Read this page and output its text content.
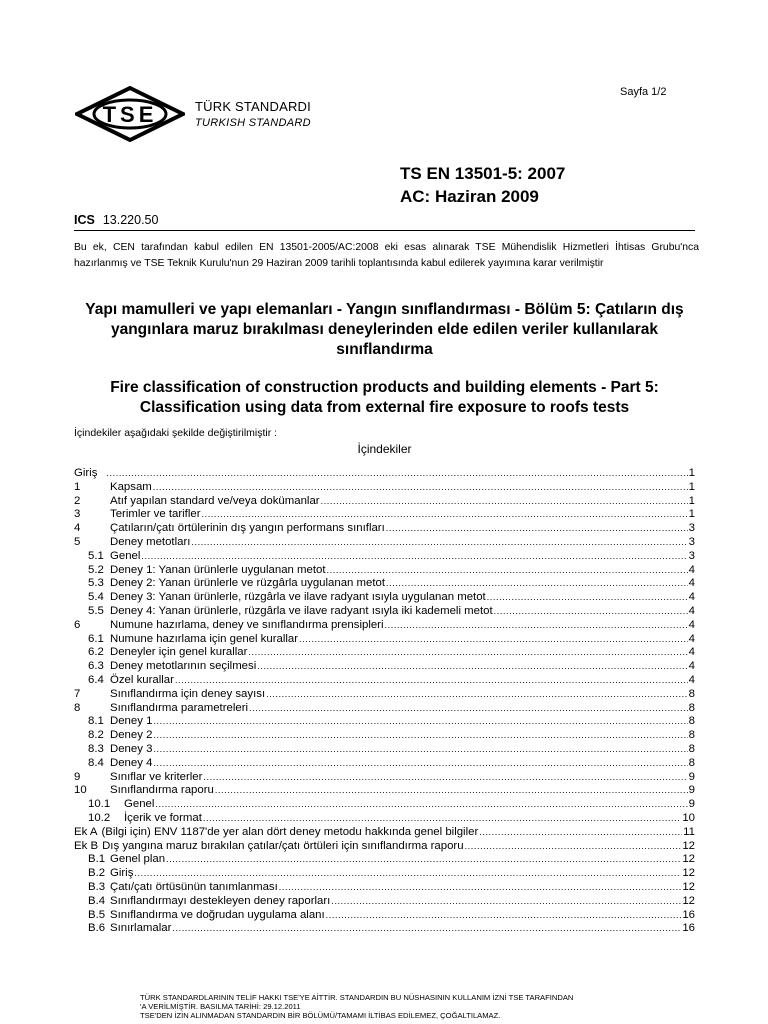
Sayfa 1/2
TSE	TÜRK STANDARDI
TURKISH STANDARD
TS EN 13501-5: 2007
AC: Haziran 2009
ICS 13.220.50
Bu ek, CEN tarafından kabul edilen EN 13501-2005/AC:2008 eki esas alınarak TSE Mühendislik Hizmetleri İhtisas Grubu'nca hazırlanmış ve TSE Teknik Kurulu'nun 29 Haziran 2009 tarihli toplantısında kabul edilerek yayımına karar verilmiştir
Yapı mamulleri ve yapı elemanları - Yangın sınıflandırması - Bölüm 5: Çatıların dış yangınlara maruz bırakılması deneylerinden elde edilen veriler kullanılarak sınıflandırma
Fire classification of construction products and building elements - Part 5: Classification using data from external fire exposure to roofs tests
İçindekiler aşağıdaki şekilde değiştirilmiştir :
İçindekiler
Giriş .....	1
1	Kapsam .....	1
2	Atıf yapılan standard ve/veya dokümanlar .....	1
3	Terimler ve tarifler .....	1
4	Çatıların/çatı örtülerinin dış yangın performans sınıfları .....	3
5	Deney metotları .....	3
5.1 Genel .....	3
5.2 Deney 1: Yanan ürünlerle uygulanan metot .....	4
5.3 Deney 2: Yanan ürünlerle ve rüzgârla uygulanan metot .....	4
5.4 Deney 3: Yanan ürünlerle, rüzgârla ve ilave radyant ısıyla uygulanan metot .....	4
5.5 Deney 4: Yanan ürünlerle, rüzgârla ve ilave radyant ısıyla iki kademeli metot .....	4
6	Numune hazırlama, deney ve sınıflandırma prensipleri .....	4
6.1 Numune hazırlama için genel kurallar .....	4
6.2 Deneyler için genel kurallar .....	4
6.3 Deney metotlarının seçilmesi .....	4
6.4 Özel kurallar .....	4
7	Sınıflandırma için deney sayısı .....	8
8	Sınıflandırma parametreleri .....	8
8.1 Deney 1 .....	8
8.2 Deney 2 .....	8
8.3 Deney 3 .....	8
8.4 Deney 4 .....	8
9	Sınıflar ve kriterler .....	9
10	Sınıflandırma raporu .....	9
10.1	Genel .....	9
10.2	İçerik ve format .....	10
Ek A (Bilgi için) ENV 1187'de yer alan dört deney metodu hakkında genel bilgiler .....	11
Ek B Dış yangına maruz bırakılan çatılar/çatı örtüleri için sınıflandırma raporu .....	12
B.1 Genel plan .....	12
B.2 Giriş .....	12
B.3 Çatı/çatı örtüsünün tanımlanması .....	12
B.4 Sınıflandırmayı destekleyen deney raporları .....	12
B.5 Sınıflandırma ve doğrudan uygulama alanı .....	16
B.6 Sınırlamalar .....	16
TÜRK STANDARDLARININ TELİF HAKKI TSE'YE AİTTİR. STANDARDIN BU NÜSHASININ KULLANIM İZNİ TSE TARAFINDAN
'A VERİLMİŞTİR. BASILMA TARİHİ: 29.12.2011
TSE'DEN İZİN ALINMADAN STANDARDIN BİR BÖLÜMÜ/TAMAMI İLTİBAS EDİLEMEZ, ÇOĞALTILAMAZ.
